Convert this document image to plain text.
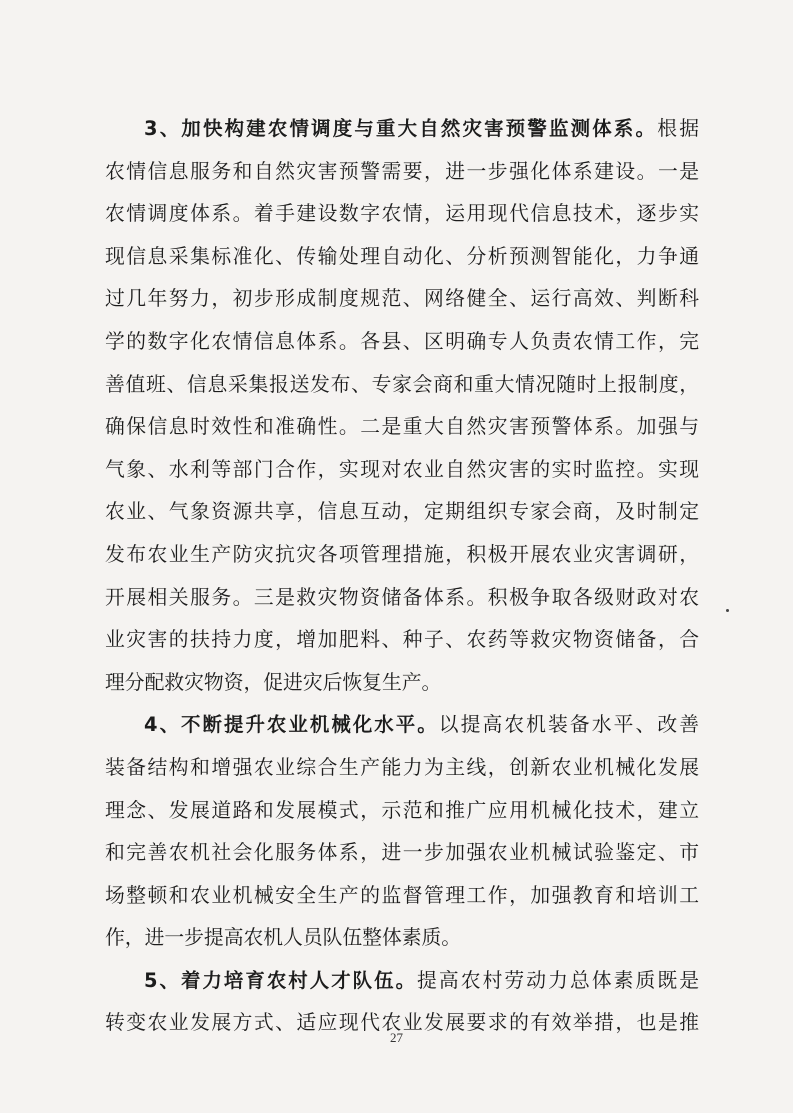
3、加快构建农情调度与重大自然灾害预警监测体系。根据
农情信息服务和自然灾害预警需要，进一步强化体系建设。一是
农情调度体系。着手建设数字农情，运用现代信息技术，逐步实
现信息采集标准化、传输处理自动化、分析预测智能化，力争通
过几年努力，初步形成制度规范、网络健全、运行高效、判断科
学的数字化农情信息体系。各县、区明确专人负责农情工作，完
善值班、信息采集报送发布、专家会商和重大情况随时上报制度，
确保信息时效性和准确性。二是重大自然灾害预警体系。加强与
气象、水利等部门合作，实现对农业自然灾害的实时监控。实现
农业、气象资源共享，信息互动，定期组织专家会商，及时制定
发布农业生产防灾抗灾各项管理措施，积极开展农业灾害调研，
开展相关服务。三是救灾物资储备体系。积极争取各级财政对农
业灾害的扶持力度，增加肥料、种子、农药等救灾物资储备，合
理分配救灾物资，促进灾后恢复生产。
4、不断提升农业机械化水平。以提高农机装备水平、改善
装备结构和增强农业综合生产能力为主线，创新农业机械化发展
理念、发展道路和发展模式，示范和推广应用机械化技术，建立
和完善农机社会化服务体系，进一步加强农业机械试验鉴定、市
场整顿和农业机械安全生产的监督管理工作，加强教育和培训工
作，进一步提高农机人员队伍整体素质。
5、着力培育农村人才队伍。提高农村劳动力总体素质既是
转变农业发展方式、适应现代农业发展要求的有效举措，也是推
27
